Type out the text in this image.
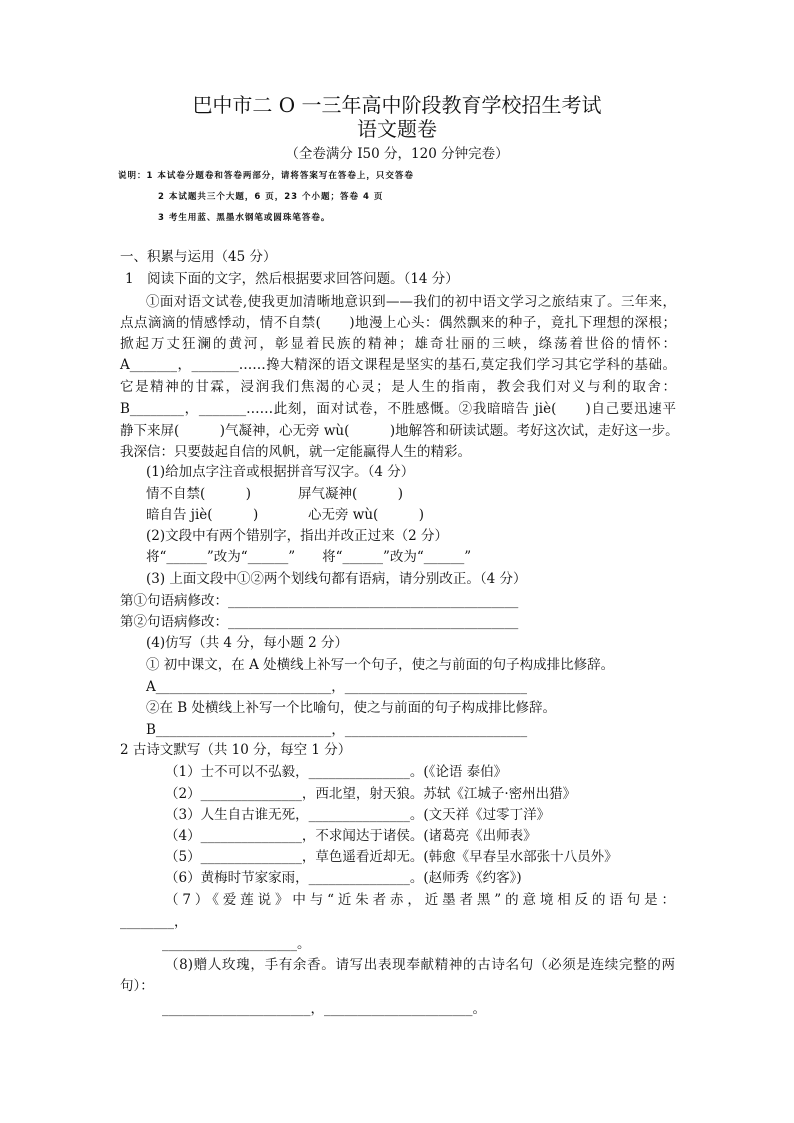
巴中市二 O 一三年高中阶段教育学校招生考试
语文题卷
（全卷满分 I50 分，120 分钟完卷）
说明：1 本试卷分题卷和答卷两部分，请将答案写在答卷上，只交答卷
2 本试题共三个大题，6 页，23 个小题；答卷 4 页
3 考生用蓝、黑墨水钢笔或圆珠笔答卷。
一、积累与运用（45 分）
1　阅读下面的文字，然后根据要求回答问题。（14 分）
①面对语文试卷,使我更加清晰地意识到——我们的初中语文学习之旅结束了。三年来，
点点滴滴的情感悸动，情不自禁(　　)地漫上心头：偶然飘来的种子，竟扎下理想的深根；
掀起万丈狂澜的黄河，彰显着民族的精神；雄奇壮丽的三峡，绦荡着世俗的情怀：
A_______，_______……搀大精深的语文课程是坚实的基石,莫定我们学习其它学科的基础。
它是精神的甘霖，浸润我们焦渴的心灵；是人生的指南，教会我们对义与利的取舍：
B________，_______……此刻，面对试卷，不胜感慨。②我暗暗告 jiè(　　)自己要迅速平
静下来屏(　　　)气凝神，心无旁 wù(　　　)地解答和研读试题。考好这次试，走好这一步。
我深信：只要鼓起自信的风帆，就一定能赢得人生的精彩。
(1)给加点字注音或根据拼音写汉字。（4 分）
情不自禁(　　　)	屏气凝神(　　　)
暗自告 jiè(　　　)	心无旁 wù(　　　)
(2)文段中有两个错别字，指出并改正过来（2 分）
将“______”改为“______”　　将“______”改为“______”
(3) 上面文段中①②两个划线句都有语病，请分别改正。（4 分）
第①句语病修改：___________________________________________
第②句语病修改：___________________________________________
(4)仿写（共 4 分，每小题 2 分）
① 初中课文，在 A 处横线上补写一个句子，使之与前面的句子构成排比修辞。
A__________________________，___________________________
②在 B 处横线上补写一个比喻句，使之与前面的句子构成排比修辞。
B__________________________，___________________________
2 古诗文默写（共 10 分，每空 1 分）
（1）士不可以不弘毅，_______________。(《论语 泰伯》
（2）_______________，西北望，射天狼。苏轼《江城子·密州出猎》
（3）人生自古谁无死，_______________。(文天祥《过零丁洋》
（4）_______________，不求闻达于诸侯。(诸葛亮《出师表》
（5）_______________，草色遥看近却无。(韩愈《早春呈水部张十八员外》
（6）黄梅时节家家雨，_______________。(赵师秀《约客》)
（7）《爱莲说》中与“近朱者赤，近墨者黑”的意境相反的语句是：
________，
____________________。
（8)赠人玫瑰，手有余香。请写出表现奉献精神的古诗名句（必须是连续完整的两
句）：
______________________，______________________。
